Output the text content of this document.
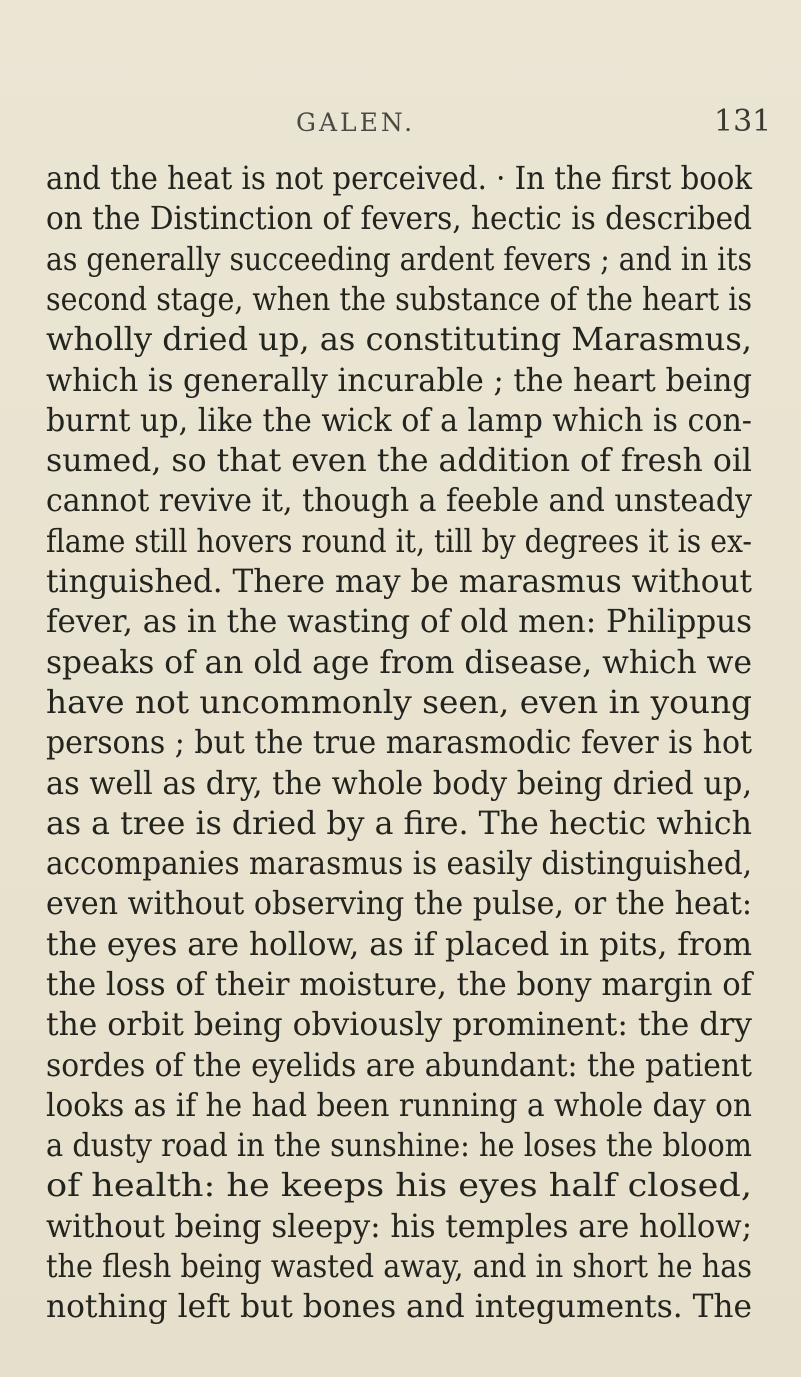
GALEN.	131
and the heat is not perceived. · In the first book
on the Distinction of fevers, hectic is described
as generally succeeding ardent fevers ; and in its
second stage, when the substance of the heart is
wholly dried up, as constituting Marasmus,
which is generally incurable ; the heart being
burnt up, like the wick of a lamp which is con-
sumed, so that even the addition of fresh oil
cannot revive it, though a feeble and unsteady
flame still hovers round it, till by degrees it is ex-
tinguished. There may be marasmus without
fever, as in the wasting of old men: Philippus
speaks of an old age from disease, which we
have not uncommonly seen, even in young
persons ; but the true marasmodic fever is hot
as well as dry, the whole body being dried up,
as a tree is dried by a fire. The hectic which
accompanies marasmus is easily distinguished,
even without observing the pulse, or the heat:
the eyes are hollow, as if placed in pits, from
the loss of their moisture, the bony margin of
the orbit being obviously prominent: the dry
sordes of the eyelids are abundant: the patient
looks as if he had been running a whole day on
a dusty road in the sunshine: he loses the bloom
of health: he keeps his eyes half closed,
without being sleepy: his temples are hollow;
the flesh being wasted away, and in short he has
nothing left but bones and integuments. The
